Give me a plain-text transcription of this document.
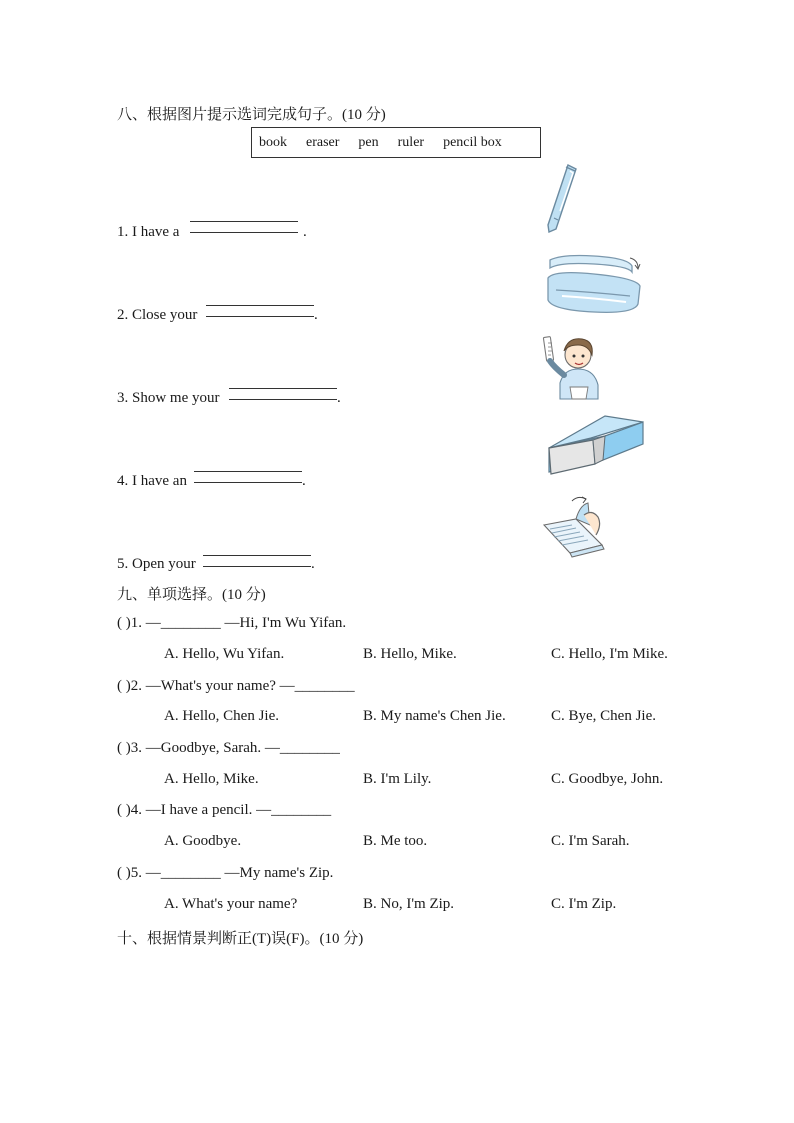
八、根据图片提示选词完成句子。(10 分)
book eraser pen ruler pencil box
1. I have a	.
2. Close your	.
3. Show me your	.
4. I have an	.
5. Open your	.
九、单项选择。(10 分)
( )1. —________ —Hi, I'm Wu Yifan.
A. Hello, Wu Yifan.	B. Hello, Mike.	C. Hello, I'm Mike.
( )2. —What's your name? —________
A. Hello, Chen Jie.	B. My name's Chen Jie.	C. Bye, Chen Jie.
( )3. —Goodbye, Sarah. —________
A. Hello, Mike.	B. I'm Lily.	C. Goodbye, John.
( )4. —I have a pencil. —________
A. Goodbye.	B. Me too.	C. I'm Sarah.
( )5. —________ —My name's Zip.
A. What's your name?	B. No, I'm Zip.	C. I'm Zip.
十、根据情景判断正(T)误(F)。(10 分)
